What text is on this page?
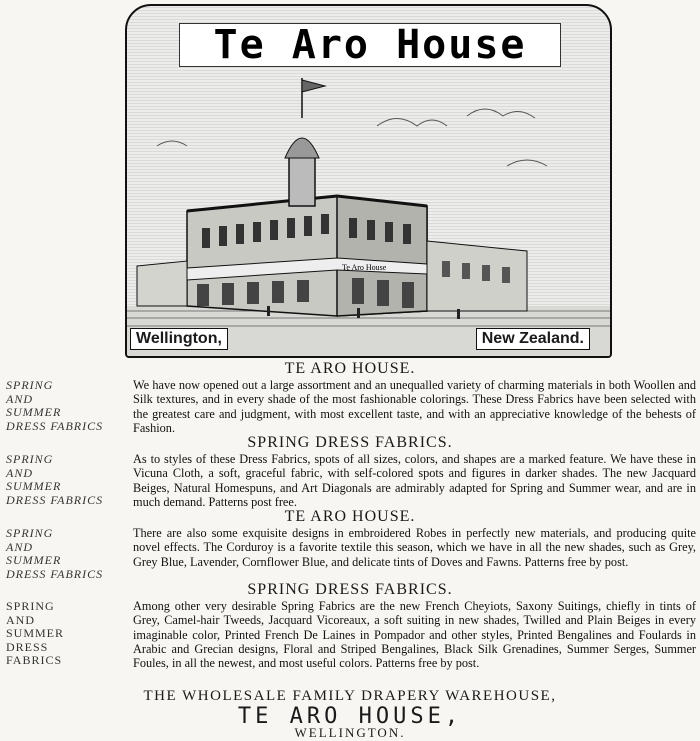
Te Aro House
Te Aro House
Wellington,	New Zealand.
TE ARO HOUSE.
SPRING
AND
SUMMER
DRESS FABRICS
We have now opened out a large assortment and an unequalled variety of charming materials in both Woollen and Silk textures, and in every shade of the most fashionable colorings. These Dress Fabrics have been selected with the greatest care and judgment, with most excellent taste, and with an appreciative knowledge of the behests of Fashion.
SPRING DRESS FABRICS.
SPRING
AND
SUMMER
DRESS FABRICS
As to styles of these Dress Fabrics, spots of all sizes, colors, and shapes are a marked feature. We have these in Vicuna Cloth, a soft, graceful fabric, with self-colored spots and figures in darker shades. The new Jacquard Beiges, Natural Homespuns, and Art Diagonals are admirably adapted for Spring and Summer wear, and are in much demand. Patterns post free.
TE ARO HOUSE.
SPRING
AND
SUMMER
DRESS FABRICS
There are also some exquisite designs in embroidered Robes in perfectly new materials, and producing quite novel effects. The Corduroy is a favorite textile this season, which we have in all the new shades, such as Grey, Grey Blue, Lavender, Cornflower Blue, and delicate tints of Doves and Fawns. Patterns free by post.
SPRING DRESS FABRICS.
SPRING
AND
SUMMER
DRESS
FABRICS
Among other very desirable Spring Fabrics are the new French Cheyiots, Saxony Suitings, chiefly in tints of Grey, Camel-hair Tweeds, Jacquard Vicoreaux, a soft suiting in new shades, Twilled and Plain Beiges in every imaginable color, Printed French De Laines in Pompador and other styles, Printed Bengalines and Foulards in Arabic and Grecian designs, Floral and Striped Bengalines, Black Silk Grenadines, Summer Serges, Summer Foules, in all the newest, and most useful colors. Patterns free by post.
THE WHOLESALE FAMILY DRAPERY WAREHOUSE,
TE ARO HOUSE,
WELLINGTON.
